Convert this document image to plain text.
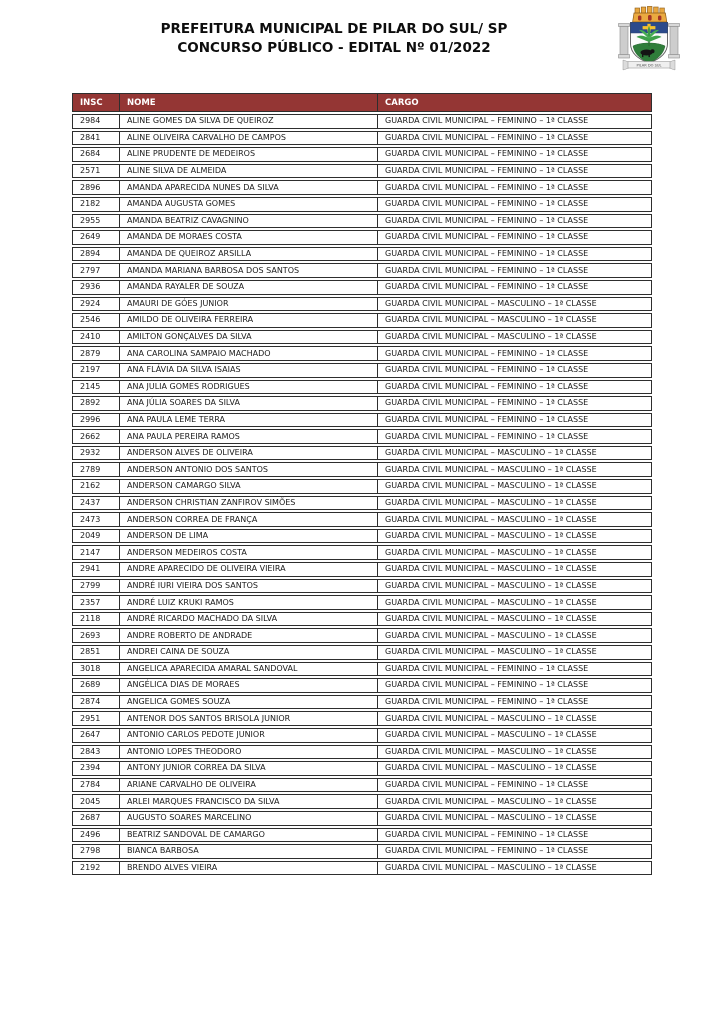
PREFEITURA MUNICIPAL DE PILAR DO SUL/ SP
CONCURSO PÚBLICO - EDITAL Nº 01/2022
PILAR DO SUL
INSC	NOME	CARGO
2984	ALINE GOMES DA SILVA DE QUEIROZ	GUARDA CIVIL MUNICIPAL – FEMININO – 1ª CLASSE
2841	ALINE OLIVEIRA CARVALHO DE CAMPOS	GUARDA CIVIL MUNICIPAL – FEMININO – 1ª CLASSE
2684	ALINE PRUDENTE DE MEDEIROS	GUARDA CIVIL MUNICIPAL – FEMININO – 1ª CLASSE
2571	ALINE SILVA DE ALMEIDA	GUARDA CIVIL MUNICIPAL – FEMININO – 1ª CLASSE
2896	AMANDA APARECIDA NUNES DA SILVA	GUARDA CIVIL MUNICIPAL – FEMININO – 1ª CLASSE
2182	AMANDA AUGUSTA GOMES	GUARDA CIVIL MUNICIPAL – FEMININO – 1ª CLASSE
2955	AMANDA BEATRIZ CAVAGNINO	GUARDA CIVIL MUNICIPAL – FEMININO – 1ª CLASSE
2649	AMANDA DE MORAES COSTA	GUARDA CIVIL MUNICIPAL – FEMININO – 1ª CLASSE
2894	AMANDA DE QUEIROZ ARSILLA	GUARDA CIVIL MUNICIPAL – FEMININO – 1ª CLASSE
2797	AMANDA MARIANA BARBOSA DOS SANTOS	GUARDA CIVIL MUNICIPAL – FEMININO – 1ª CLASSE
2936	AMANDA RAYALER DE SOUZA	GUARDA CIVIL MUNICIPAL – FEMININO – 1ª CLASSE
2924	AMAURI DE GÓES JUNIOR	GUARDA CIVIL MUNICIPAL – MASCULINO – 1ª CLASSE
2546	AMILDO DE OLIVEIRA FERREIRA	GUARDA CIVIL MUNICIPAL – MASCULINO – 1ª CLASSE
2410	AMILTON GONÇALVES DA SILVA	GUARDA CIVIL MUNICIPAL – MASCULINO – 1ª CLASSE
2879	ANA CAROLINA SAMPAIO MACHADO	GUARDA CIVIL MUNICIPAL – FEMININO – 1ª CLASSE
2197	ANA FLÁVIA DA SILVA ISAIAS	GUARDA CIVIL MUNICIPAL – FEMININO – 1ª CLASSE
2145	ANA JULIA GOMES RODRIGUES	GUARDA CIVIL MUNICIPAL – FEMININO – 1ª CLASSE
2892	ANA JÚLIA SOARES DA SILVA	GUARDA CIVIL MUNICIPAL – FEMININO – 1ª CLASSE
2996	ANA PAULA LEME TERRA	GUARDA CIVIL MUNICIPAL – FEMININO – 1ª CLASSE
2662	ANA PAULA PEREIRA RAMOS	GUARDA CIVIL MUNICIPAL – FEMININO – 1ª CLASSE
2932	ANDERSON ALVES DE OLIVEIRA	GUARDA CIVIL MUNICIPAL – MASCULINO – 1ª CLASSE
2789	ANDERSON ANTONIO DOS SANTOS	GUARDA CIVIL MUNICIPAL – MASCULINO – 1ª CLASSE
2162	ANDERSON CAMARGO SILVA	GUARDA CIVIL MUNICIPAL – MASCULINO – 1ª CLASSE
2437	ANDERSON CHRISTIAN ZANFIROV SIMÕES	GUARDA CIVIL MUNICIPAL – MASCULINO – 1ª CLASSE
2473	ANDERSON CORREA DE FRANÇA	GUARDA CIVIL MUNICIPAL – MASCULINO – 1ª CLASSE
2049	ANDERSON DE LIMA	GUARDA CIVIL MUNICIPAL – MASCULINO – 1ª CLASSE
2147	ANDERSON MEDEIROS COSTA	GUARDA CIVIL MUNICIPAL – MASCULINO – 1ª CLASSE
2941	ANDRE APARECIDO DE OLIVEIRA VIEIRA	GUARDA CIVIL MUNICIPAL – MASCULINO – 1ª CLASSE
2799	ANDRÉ IURI VIEIRA DOS SANTOS	GUARDA CIVIL MUNICIPAL – MASCULINO – 1ª CLASSE
2357	ANDRÉ LUIZ KRUKI RAMOS	GUARDA CIVIL MUNICIPAL – MASCULINO – 1ª CLASSE
2118	ANDRÉ RICARDO MACHADO DA SILVA	GUARDA CIVIL MUNICIPAL – MASCULINO – 1ª CLASSE
2693	ANDRE ROBERTO DE ANDRADE	GUARDA CIVIL MUNICIPAL – MASCULINO – 1ª CLASSE
2851	ANDREI CAINA DE SOUZA	GUARDA CIVIL MUNICIPAL – MASCULINO – 1ª CLASSE
3018	ANGELICA APARECIDA AMARAL SANDOVAL	GUARDA CIVIL MUNICIPAL – FEMININO – 1ª CLASSE
2689	ANGÉLICA DIAS DE MORAES	GUARDA CIVIL MUNICIPAL – FEMININO – 1ª CLASSE
2874	ANGELICA GOMES SOUZA	GUARDA CIVIL MUNICIPAL – FEMININO – 1ª CLASSE
2951	ANTENOR DOS SANTOS BRISOLA JUNIOR	GUARDA CIVIL MUNICIPAL – MASCULINO – 1ª CLASSE
2647	ANTONIO CARLOS PEDOTE JUNIOR	GUARDA CIVIL MUNICIPAL – MASCULINO – 1ª CLASSE
2843	ANTONIO LOPES THEODORO	GUARDA CIVIL MUNICIPAL – MASCULINO – 1ª CLASSE
2394	ANTONY JUNIOR CORREA DA SILVA	GUARDA CIVIL MUNICIPAL – MASCULINO – 1ª CLASSE
2784	ARIANE CARVALHO DE OLIVEIRA	GUARDA CIVIL MUNICIPAL – FEMININO – 1ª CLASSE
2045	ARLEI MARQUES FRANCISCO DA SILVA	GUARDA CIVIL MUNICIPAL – MASCULINO – 1ª CLASSE
2687	AUGUSTO SOARES MARCELINO	GUARDA CIVIL MUNICIPAL – MASCULINO – 1ª CLASSE
2496	BEATRIZ SANDOVAL DE CAMARGO	GUARDA CIVIL MUNICIPAL – FEMININO – 1ª CLASSE
2798	BIANCA BARBOSA	GUARDA CIVIL MUNICIPAL – FEMININO – 1ª CLASSE
2192	BRENDO ALVES VIEIRA	GUARDA CIVIL MUNICIPAL – MASCULINO – 1ª CLASSE
